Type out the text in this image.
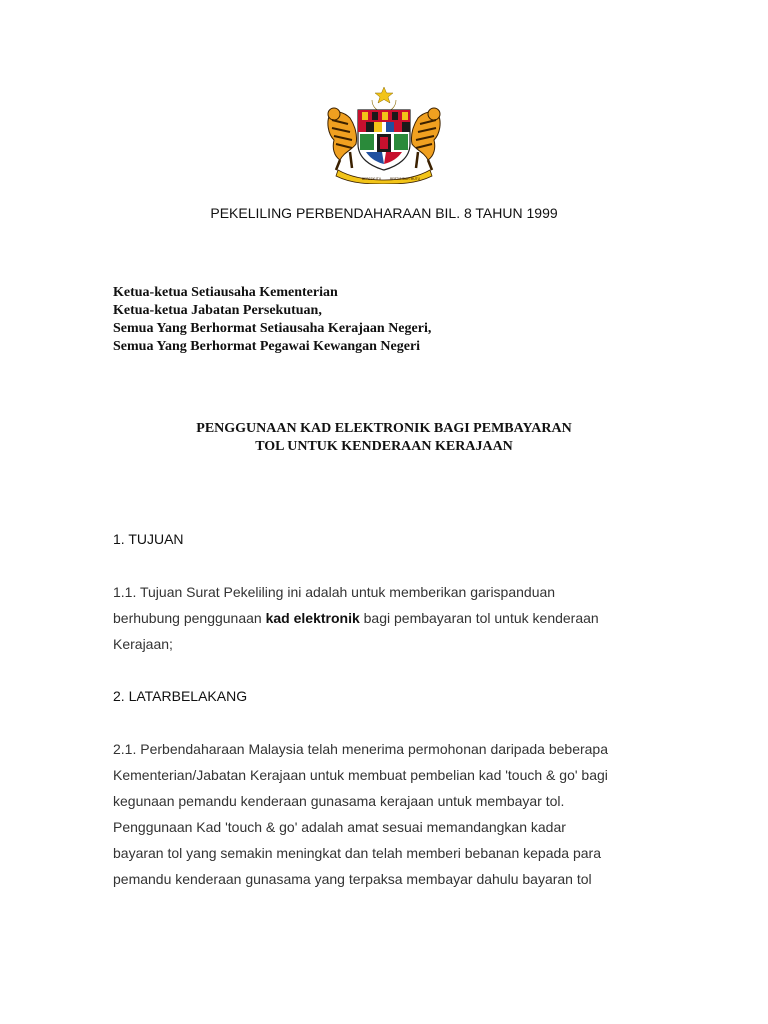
BERSEKUTU	BERTAMBAH MUTU
PEKELILING PERBENDAHARAAN BIL. 8 TAHUN 1999
Ketua-ketua Setiausaha Kementerian
Ketua-ketua Jabatan Persekutuan,
Semua Yang Berhormat Setiausaha Kerajaan Negeri,
Semua Yang Berhormat Pegawai Kewangan Negeri
PENGGUNAAN KAD ELEKTRONIK BAGI PEMBAYARAN
TOL UNTUK KENDERAAN KERAJAAN
1. TUJUAN
1.1. Tujuan Surat Pekeliling ini adalah untuk memberikan garispanduan
berhubung penggunaan kad elektronik bagi pembayaran tol untuk kenderaan
Kerajaan;
2. LATARBELAKANG
2.1. Perbendaharaan Malaysia telah menerima permohonan daripada beberapa
Kementerian/Jabatan Kerajaan untuk membuat pembelian kad 'touch & go' bagi
kegunaan pemandu kenderaan gunasama kerajaan untuk membayar tol.
Penggunaan Kad 'touch & go' adalah amat sesuai memandangkan kadar
bayaran tol yang semakin meningkat dan telah memberi bebanan kepada para
pemandu kenderaan gunasama yang terpaksa membayar dahulu bayaran tol
